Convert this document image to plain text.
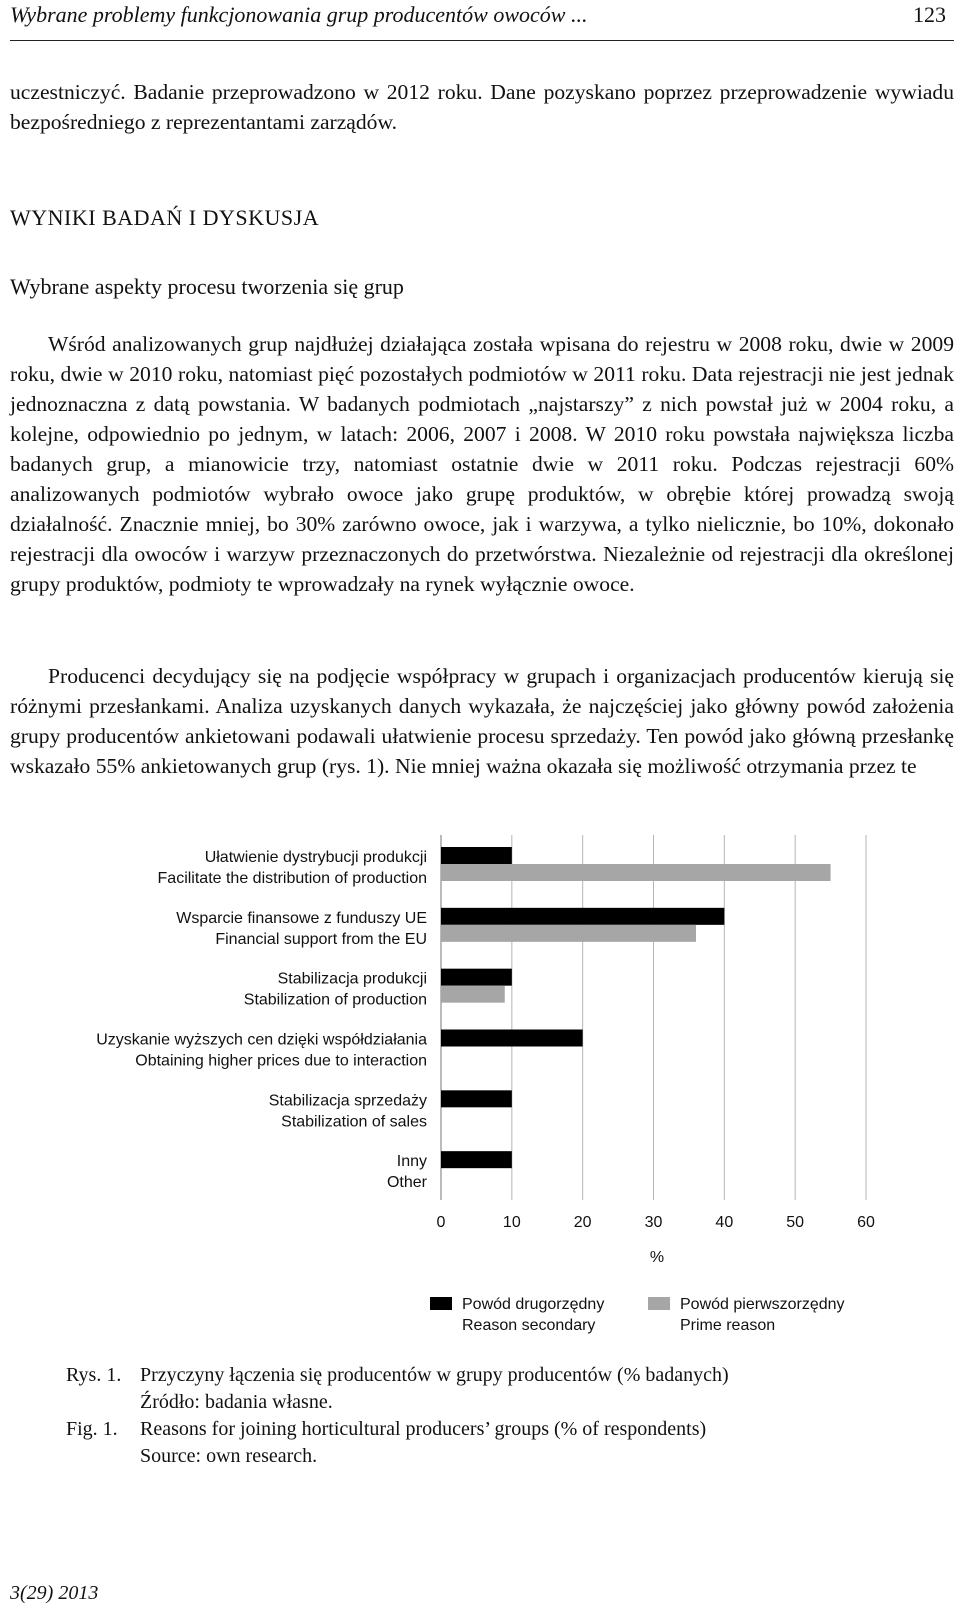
Wybrane problemy funkcjonowania grup producentów owoców ...	123

uczestniczyć. Badanie przeprowadzono w 2012 roku. Dane pozyskano poprzez przeprowadzenie wywiadu bezpośredniego z reprezentantami zarządów.

WYNIKI BADAŃ I DYSKUSJA
Wybrane aspekty procesu tworzenia się grup

Wśród analizowanych grup najdłużej działająca została wpisana do rejestru w 2008 roku, dwie w 2009 roku, dwie w 2010 roku, natomiast pięć pozostałych podmiotów w 2011 roku. Data rejestracji nie jest jednak jednoznaczna z datą powstania. W badanych podmiotach „najstarszy” z nich powstał już w 2004 roku, a kolejne, odpowiednio po jednym, w latach: 2006, 2007 i 2008. W 2010 roku powstała największa liczba badanych grup, a mianowicie trzy, natomiast ostatnie dwie w 2011 roku. Podczas rejestracji 60% analizowanych podmiotów wybrało owoce jako grupę produktów, w obrębie której prowadzą swoją działalność. Znacznie mniej, bo 30% zarówno owoce, jak i warzywa, a tylko nielicznie, bo 10%, dokonało rejestracji dla owoców i warzyw przeznaczonych do przetwórstwa. Niezależnie od rejestracji dla określonej grupy produktów, podmioty te wprowadzały na rynek wyłącznie owoce.

Producenci decydujący się na podjęcie współpracy w grupach i organizacjach producentów kierują się różnymi przesłankami. Analiza uzyskanych danych wykazała, że najczęściej jako główny powód założenia grupy producentów ankietowani podawali ułatwienie procesu sprzedaży. Ten powód jako główną przesłankę wskazało 55% ankietowanych grup (rys. 1). Nie mniej ważna okazała się możliwość otrzymania przez te

Ułatwienie dystrybucji produkcji
Facilitate the distribution of production
Wsparcie finansowe z funduszy UE
Financial support from the EU
Stabilizacja produkcji
Stabilization of production
Uzyskanie wyższych cen dzięki współdziałania
Obtaining higher prices due to interaction
Stabilizacja sprzedaży
Stabilization of sales
Inny
Other
0	10	20	30	40	50	60
%
Powód drugorzędny
Reason secondary
Powód pierwszorzędny
Prime reason
Rys. 1. Przyczyny łączenia się producentów w grupy producentów (% badanych)
Źródło: badania własne.
Fig. 1.	Reasons for joining horticultural producers’ groups (% of respondents)
Source: own research.
3(29) 2013
